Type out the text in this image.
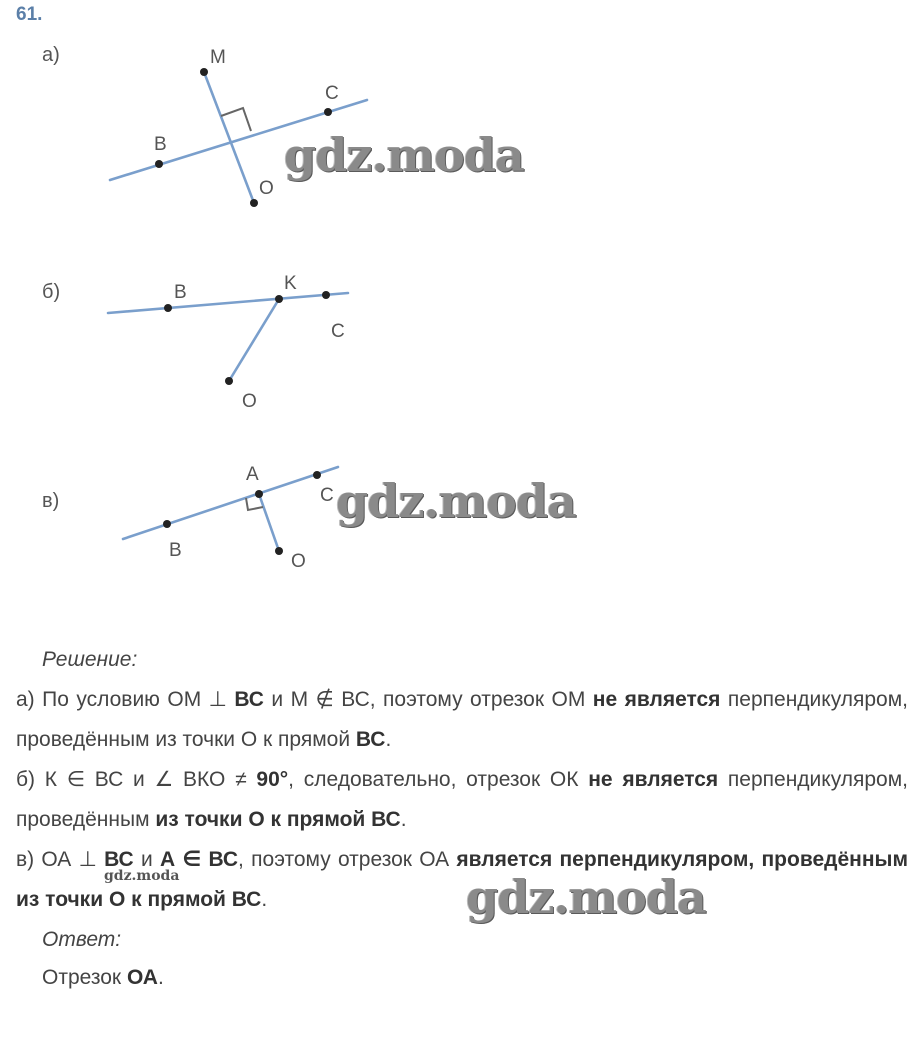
61.
а)	M
C
B
O
B	K
C
O
A
C
B
O
б)
в)
gdz.moda
gdz.moda
gdz.moda
gdz.moda
Решение:
а) По условию ОМ ⊥ ВС и М ∉ ВС, поэтому отрезок ОМ не является перпендикуляром, проведённым из точки О к прямой ВС.
б) К ∈ ВС и ∠ ВКО ≠ 90°, следовательно, отрезок ОК не является перпендикуляром, проведённым из точки О к прямой ВС.
в) ОА ⊥ ВС и А ∈ ВС, поэтому отрезок ОА является перпендикуляром, проведённым из точки О к прямой ВС.
Ответ:
Отрезок ОА.
